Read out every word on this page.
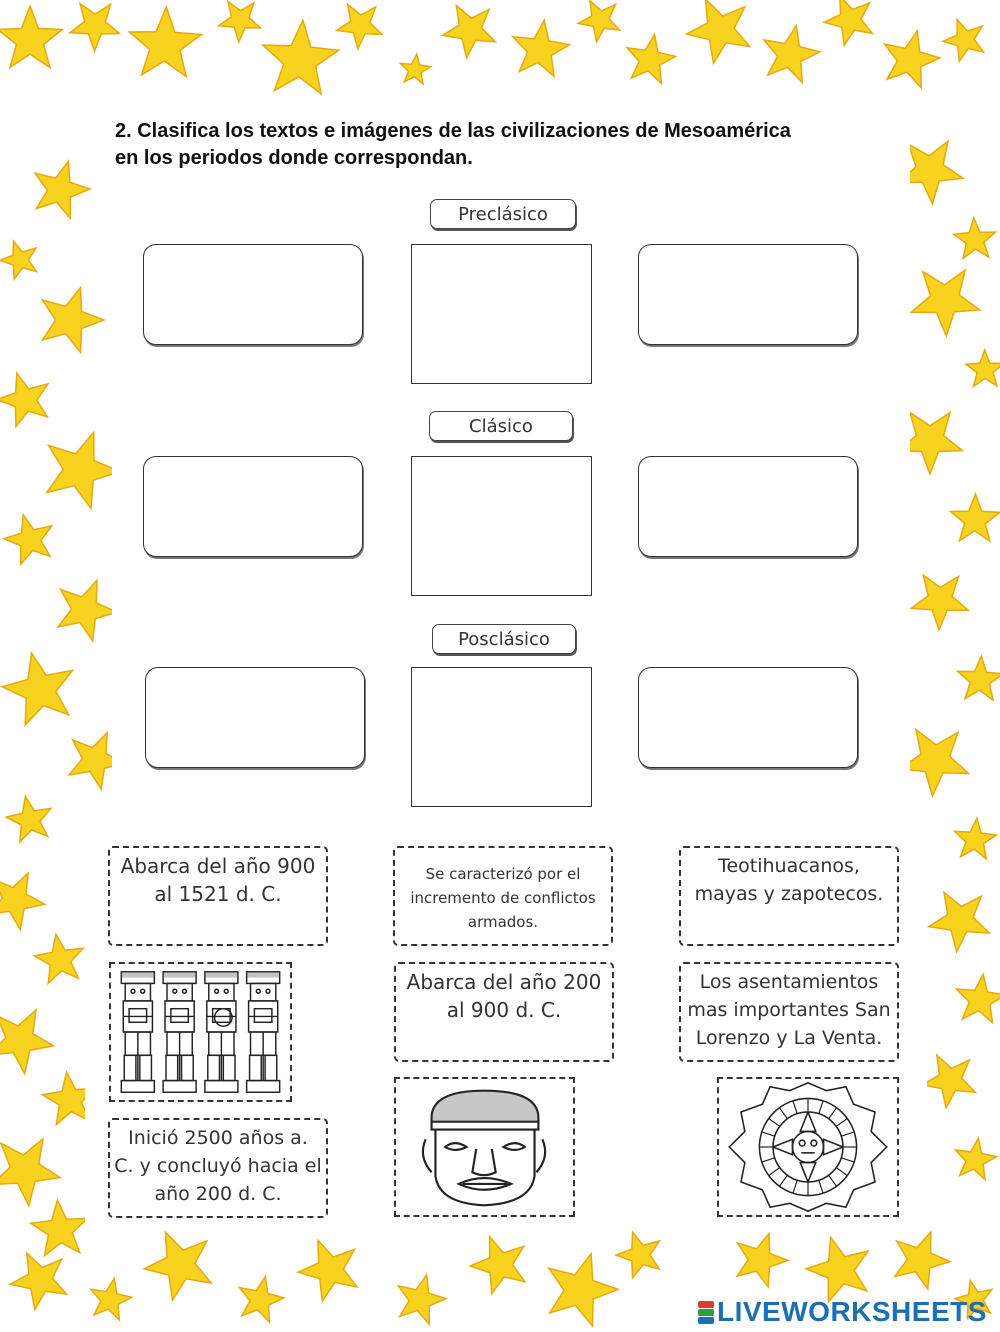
2. Clasifica los textos e imágenes de las civilizaciones de Mesoamérica
en los periodos donde correspondan.
Preclásico
Clásico
Posclásico
Abarca del año 900
al 1521 d. C.
Se caracterizó por el
incremento de conflictos
armados.
Teotihuacanos,
mayas y zapotecos.
Abarca del año 200
al 900 d. C.
Los asentamientos
mas importantes San
Lorenzo y La Venta.
Inició 2500 años a.
C. y concluyó hacia el
año 200 d. C.
LIVEWORKSHEETS
